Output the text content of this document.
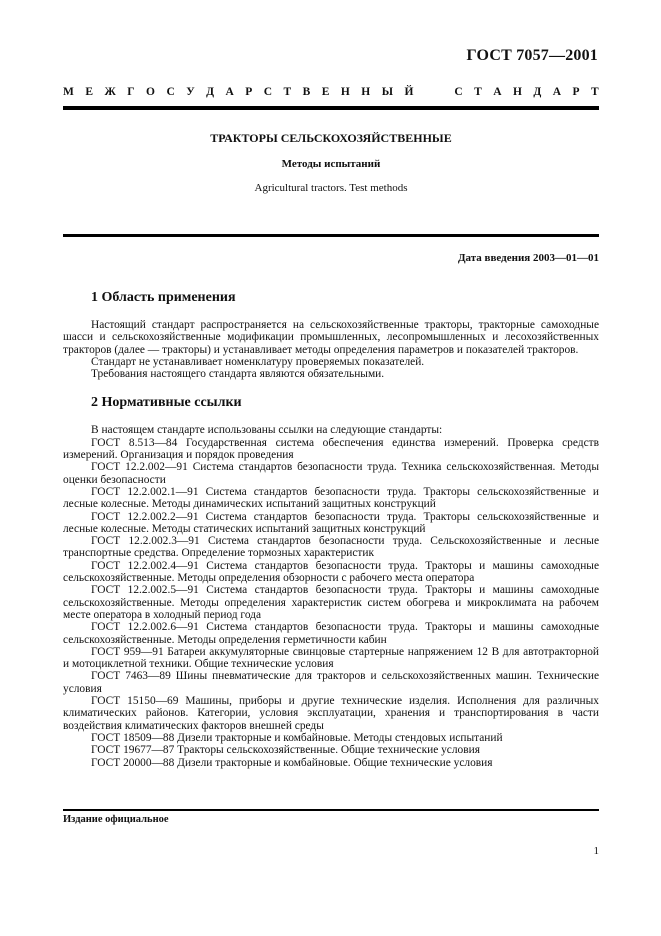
ГОСТ 7057—2001
М Е Ж Г О С У Д А Р С Т В Е Н Н Ы Й	С Т А Н Д А Р Т
ТРАКТОРЫ СЕЛЬСКОХОЗЯЙСТВЕННЫЕ
Методы испытаний
Agricultural tractors. Test methods
Дата введения 2003—01—01
1 Область применения

Настоящий стандарт распространяется на сельскохозяйственные тракторы, тракторные самоходные шасси и сельскохозяйственные модификации промышленных, лесопромышленных и лесохозяйственных тракторов (далее — тракторы) и устанавливает методы определения параметров и показателей тракторов.

Стандарт не устанавливает номенклатуру проверяемых показателей.

Требования настоящего стандарта являются обязательными.

2 Нормативные ссылки

В настоящем стандарте использованы ссылки на следующие стандарты:

ГОСТ 8.513—84 Государственная система обеспечения единства измерений. Проверка средств измерений. Организация и порядок проведения

ГОСТ 12.2.002—91 Система стандартов безопасности труда. Техника сельскохозяйственная. Методы оценки безопасности

ГОСТ 12.2.002.1—91 Система стандартов безопасности труда. Тракторы сельскохозяйственные и лесные колесные. Методы динамических испытаний защитных конструкций

ГОСТ 12.2.002.2—91 Система стандартов безопасности труда. Тракторы сельскохозяйственные и лесные колесные. Методы статических испытаний защитных конструкций

ГОСТ 12.2.002.3—91 Система стандартов безопасности труда. Сельскохозяйственные и лесные транспортные средства. Определение тормозных характеристик

ГОСТ 12.2.002.4—91 Система стандартов безопасности труда. Тракторы и машины самоходные сельскохозяйственные. Методы определения обзорности с рабочего места оператора

ГОСТ 12.2.002.5—91 Система стандартов безопасности труда. Тракторы и машины самоходные сельскохозяйственные. Методы определения характеристик систем обогрева и микроклимата на рабочем месте оператора в холодный период года

ГОСТ 12.2.002.6—91 Система стандартов безопасности труда. Тракторы и машины самоходные сельскохозяйственные. Методы определения герметичности кабин

ГОСТ 959—91 Батареи аккумуляторные свинцовые стартерные напряжением 12 В для автотракторной и мотоциклетной техники. Общие технические условия

ГОСТ 7463—89 Шины пневматические для тракторов и сельскохозяйственных машин. Технические условия

ГОСТ 15150—69 Машины, приборы и другие технические изделия. Исполнения для различных климатических районов. Категории, условия эксплуатации, хранения и транспортирования в части воздействия климатических факторов внешней среды

ГОСТ 18509—88 Дизели тракторные и комбайновые. Методы стендовых испытаний

ГОСТ 19677—87 Тракторы сельскохозяйственные. Общие технические условия

ГОСТ 20000—88 Дизели тракторные и комбайновые. Общие технические условия

Издание официальное
1
